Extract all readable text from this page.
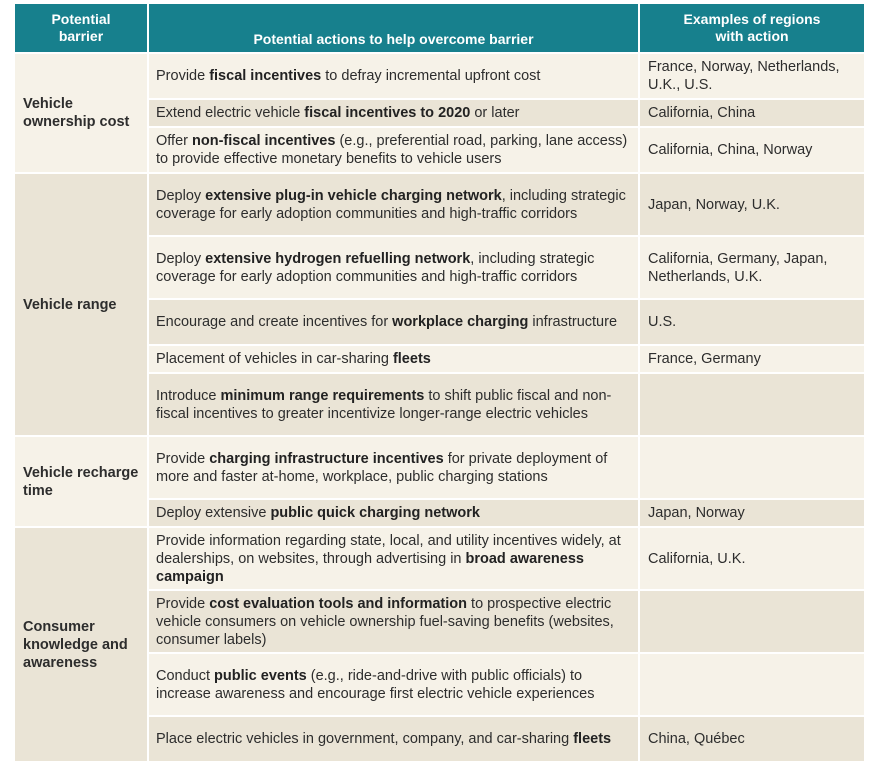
Potential barrier	Potential actions to help overcome barrier	Examples of regions with action
Vehicle ownership cost	Provide fiscal incentives to defray incremental upfront cost	France, Norway, Netherlands, U.K., U.S.
	Extend electric vehicle fiscal incentives to 2020 or later	California, China
	Offer non-fiscal incentives (e.g., preferential road, parking, lane access) to provide effective monetary benefits to vehicle users	California, China, Norway
Vehicle range	Deploy extensive plug-in vehicle charging network, including strategic coverage for early adoption communities and high-traffic corridors	Japan, Norway, U.K.
	Deploy extensive hydrogen refuelling network, including strategic coverage for early adoption communities and high-traffic corridors	California, Germany, Japan, Netherlands, U.K.
	Encourage and create incentives for workplace charging infrastructure	U.S.
	Placement of vehicles in car-sharing fleets	France, Germany
	Introduce minimum range requirements to shift public fiscal and non-fiscal incentives to greater incentivize longer-range electric vehicles	
Vehicle recharge time	Provide charging infrastructure incentives for private deployment of more and faster at-home, workplace, public charging stations	
	Deploy extensive public quick charging network	Japan, Norway
Consumer knowledge and awareness	Provide information regarding state, local, and utility incentives widely, at dealerships, on websites, through advertising in broad awareness campaign	California, U.K.
	Provide cost evaluation tools and information to prospective electric vehicle consumers on vehicle ownership fuel-saving benefits (websites, consumer labels)	
	Conduct public events (e.g., ride-and-drive with public officials) to increase awareness and encourage first electric vehicle experiences	
	Place electric vehicles in government, company, and car-sharing fleets	China, Québec
